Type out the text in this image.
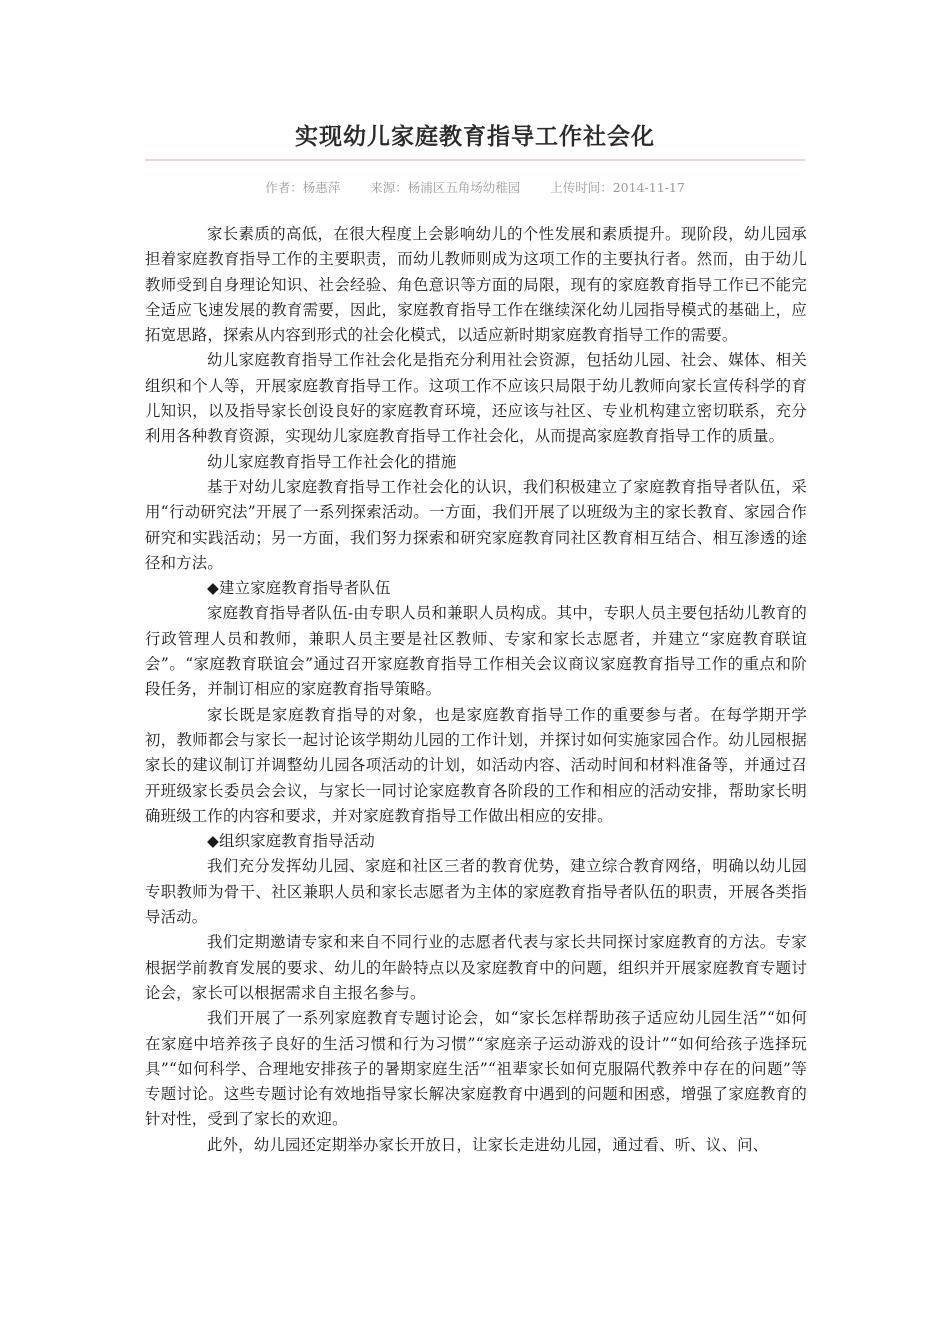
实现幼儿家庭教育指导工作社会化
作者：杨惠萍 来源：杨浦区五角场幼稚园 上传时间：2014-11-17

家长素质的高低，在很大程度上会影响幼儿的个性发展和素质提升。现阶段，幼儿园承担着家庭教育指导工作的主要职责，而幼儿教师则成为这项工作的主要执行者。然而，由于幼儿教师受到自身理论知识、社会经验、角色意识等方面的局限，现有的家庭教育指导工作已不能完全适应飞速发展的教育需要，因此，家庭教育指导工作在继续深化幼儿园指导模式的基础上，应拓宽思路，探索从内容到形式的社会化模式，以适应新时期家庭教育指导工作的需要。

幼儿家庭教育指导工作社会化是指充分利用社会资源，包括幼儿园、社会、媒体、相关组织和个人等，开展家庭教育指导工作。这项工作不应该只局限于幼儿教师向家长宣传科学的育儿知识，以及指导家长创设良好的家庭教育环境，还应该与社区、专业机构建立密切联系，充分利用各种教育资源，实现幼儿家庭教育指导工作社会化，从而提高家庭教育指导工作的质量。

幼儿家庭教育指导工作社会化的措施

基于对幼儿家庭教育指导工作社会化的认识，我们积极建立了家庭教育指导者队伍，采用“行动研究法”开展了一系列探索活动。一方面，我们开展了以班级为主的家长教育、家园合作研究和实践活动；另一方面，我们努力探索和研究家庭教育同社区教育相互结合、相互渗透的途径和方法。

◆建立家庭教育指导者队伍

家庭教育指导者队伍-由专职人员和兼职人员构成。其中，专职人员主要包括幼儿教育的行政管理人员和教师，兼职人员主要是社区教师、专家和家长志愿者，并建立“家庭教育联谊会”。“家庭教育联谊会”通过召开家庭教育指导工作相关会议商议家庭教育指导工作的重点和阶段任务，并制订相应的家庭教育指导策略。

家长既是家庭教育指导的对象，也是家庭教育指导工作的重要参与者。在每学期开学初，教师都会与家长一起讨论该学期幼儿园的工作计划，并探讨如何实施家园合作。幼儿园根据家长的建议制订并调整幼儿园各项活动的计划，如活动内容、活动时间和材料准备等，并通过召开班级家长委员会会议，与家长一同讨论家庭教育各阶段的工作和相应的活动安排，帮助家长明确班级工作的内容和要求，并对家庭教育指导工作做出相应的安排。

◆组织家庭教育指导活动

我们充分发挥幼儿园、家庭和社区三者的教育优势，建立综合教育网络，明确以幼儿园专职教师为骨干、社区兼职人员和家长志愿者为主体的家庭教育指导者队伍的职责，开展各类指导活动。

我们定期邀请专家和来自不同行业的志愿者代表与家长共同探讨家庭教育的方法。专家根据学前教育发展的要求、幼儿的年龄特点以及家庭教育中的问题，组织并开展家庭教育专题讨论会，家长可以根据需求自主报名参与。

我们开展了一系列家庭教育专题讨论会，如“家长怎样帮助孩子适应幼儿园生活”“如何在家庭中培养孩子良好的生活习惯和行为习惯”“家庭亲子运动游戏的设计”“如何给孩子选择玩具”“如何科学、合理地安排孩子的暑期家庭生活”“祖辈家长如何克服隔代教养中存在的问题”等专题讨论。这些专题讨论有效地指导家长解决家庭教育中遇到的问题和困惑，增强了家庭教育的针对性，受到了家长的欢迎。

此外，幼儿园还定期举办家长开放日，让家长走进幼儿园，通过看、听、议、问、
